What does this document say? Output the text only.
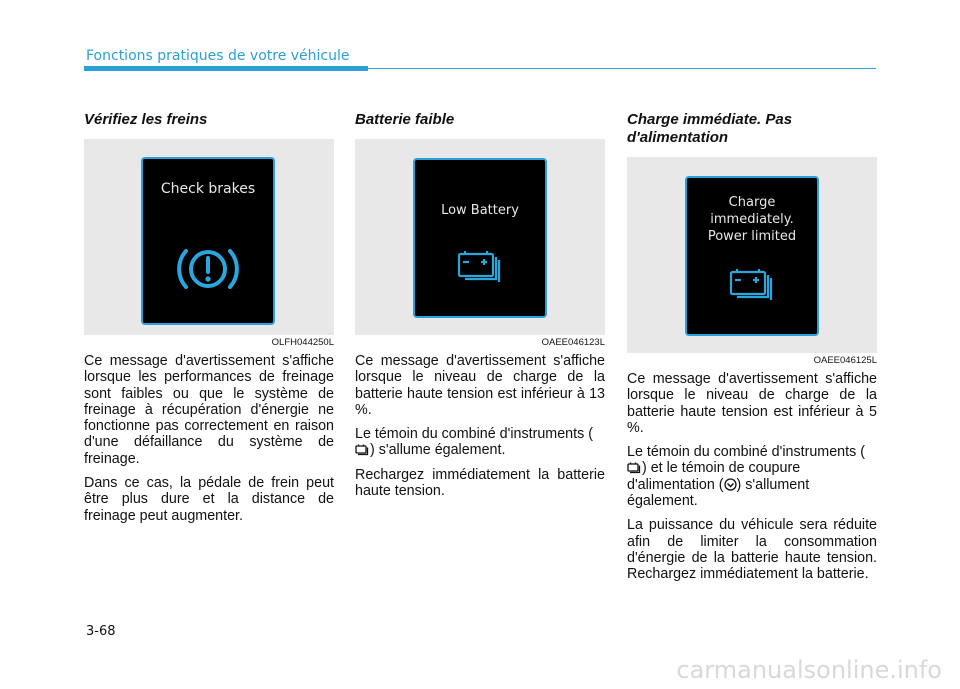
Fonctions pratiques de votre véhicule
Vérifiez les freins
Check brakes
OLFH044250L

Ce message d'avertissement s'affiche lorsque les performances de freinage sont faibles ou que le système de freinage à récupération d'énergie ne fonctionne pas correctement en raison d'une défaillance du système de freinage.

Dans ce cas, la pédale de frein peut être plus dure et la distance de freinage peut augmenter.

Batterie faible
Low Battery
OAEE046123L

Ce message d'avertissement s'affiche lorsque le niveau de charge de la batterie haute tension est inférieur à 13 %.

Le témoin du combiné d'instruments () s'allume également.

Rechargez immédiatement la batterie haute tension.

Charge immédiate. Pas
d'alimentation
Charge
immediately.
Power limited
OAEE046125L

Ce message d'avertissement s'affiche lorsque le niveau de charge de la batterie haute tension est inférieur à 5 %.

Le témoin du combiné d'instruments () et le témoin de coupure d'alimentation ( ) s'allument également.

La puissance du véhicule sera réduite afin de limiter la consommation d'énergie de la batterie haute tension. Rechargez immédiatement la batterie.

3-68
carmanualsonline.info
